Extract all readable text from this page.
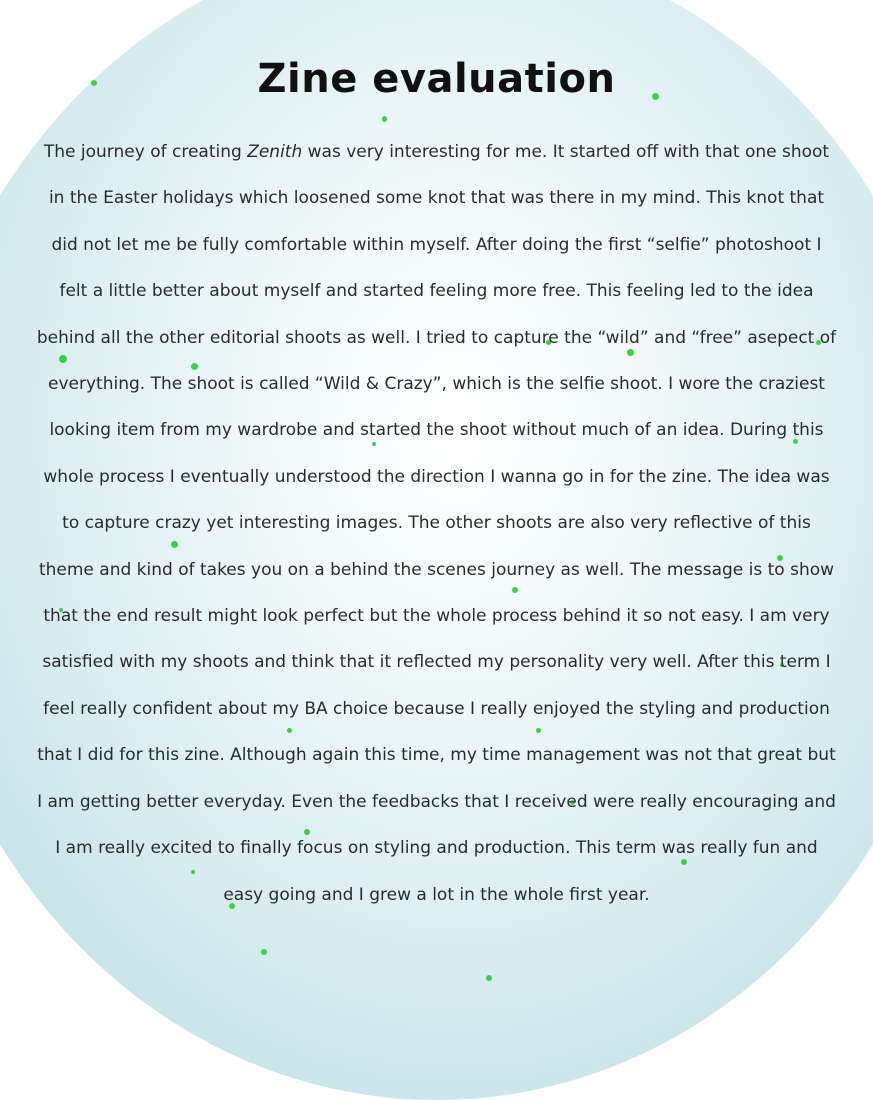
Zine evaluation

The journey of creating Zenith was very interesting for me. It started off with that one shoot in the Easter holidays which loosened some knot that was there in my mind. This knot that did not let me be fully comfortable within myself. After doing the first “selfie” photoshoot I felt a little better about myself and started feeling more free. This feeling led to the idea behind all the other editorial shoots as well. I tried to capture the “wild” and “free” asepect of everything. The shoot is called “Wild & Crazy”, which is the selfie shoot. I wore the craziest looking item from my wardrobe and started the shoot without much of an idea. During this whole process I eventually understood the direction I wanna go in for the zine. The idea was to capture crazy yet interesting images. The other shoots are also very reflective of this theme and kind of takes you on a behind the scenes journey as well. The message is to show that the end result might look perfect but the whole process behind it so not easy. I am very satisfied with my shoots and think that it reflected my personality very well. After this term I feel really confident about my BA choice because I really enjoyed the styling and production that I did for this zine. Although again this time, my time management was not that great but I am getting better everyday. Even the feedbacks that I received were really encouraging and I am really excited to finally focus on styling and production. This term was really fun and easy going and I grew a lot in the whole first year.
